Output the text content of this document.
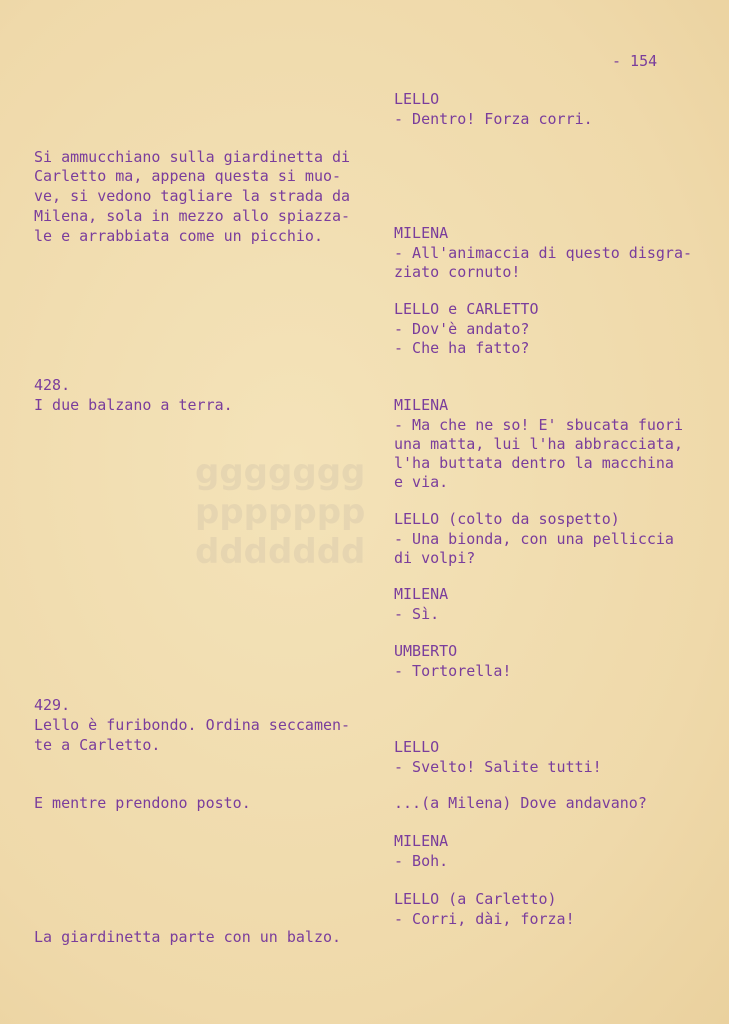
ggggggg
ppppppp
ddddddd
- 154
Si ammucchiano sulla giardinetta di
Carletto ma, appena questa si muo-
ve, si vedono tagliare la strada da
Milena, sola in mezzo allo spiazza-
le e arrabbiata come un picchio.
428.
I due balzano a terra.
429.
Lello è furibondo. Ordina seccamen-
te a Carletto.
E mentre prendono posto.
La giardinetta parte con un balzo.
LELLO
- Dentro! Forza corri.
MILENA
- All'animaccia di questo disgra-
ziato cornuto!
LELLO e CARLETTO
- Dov'è andato?
- Che ha fatto?
MILENA
- Ma che ne so! E' sbucata fuori
una matta, lui l'ha abbracciata,
l'ha buttata dentro la macchina
e via.
LELLO (colto da sospetto)
- Una bionda, con una pelliccia
di volpi?
MILENA
- Sì.
UMBERTO
- Tortorella!
LELLO
- Svelto! Salite tutti!
...(a Milena) Dove andavano?
MILENA
- Boh.
LELLO (a Carletto)
- Corri, dài, forza!
